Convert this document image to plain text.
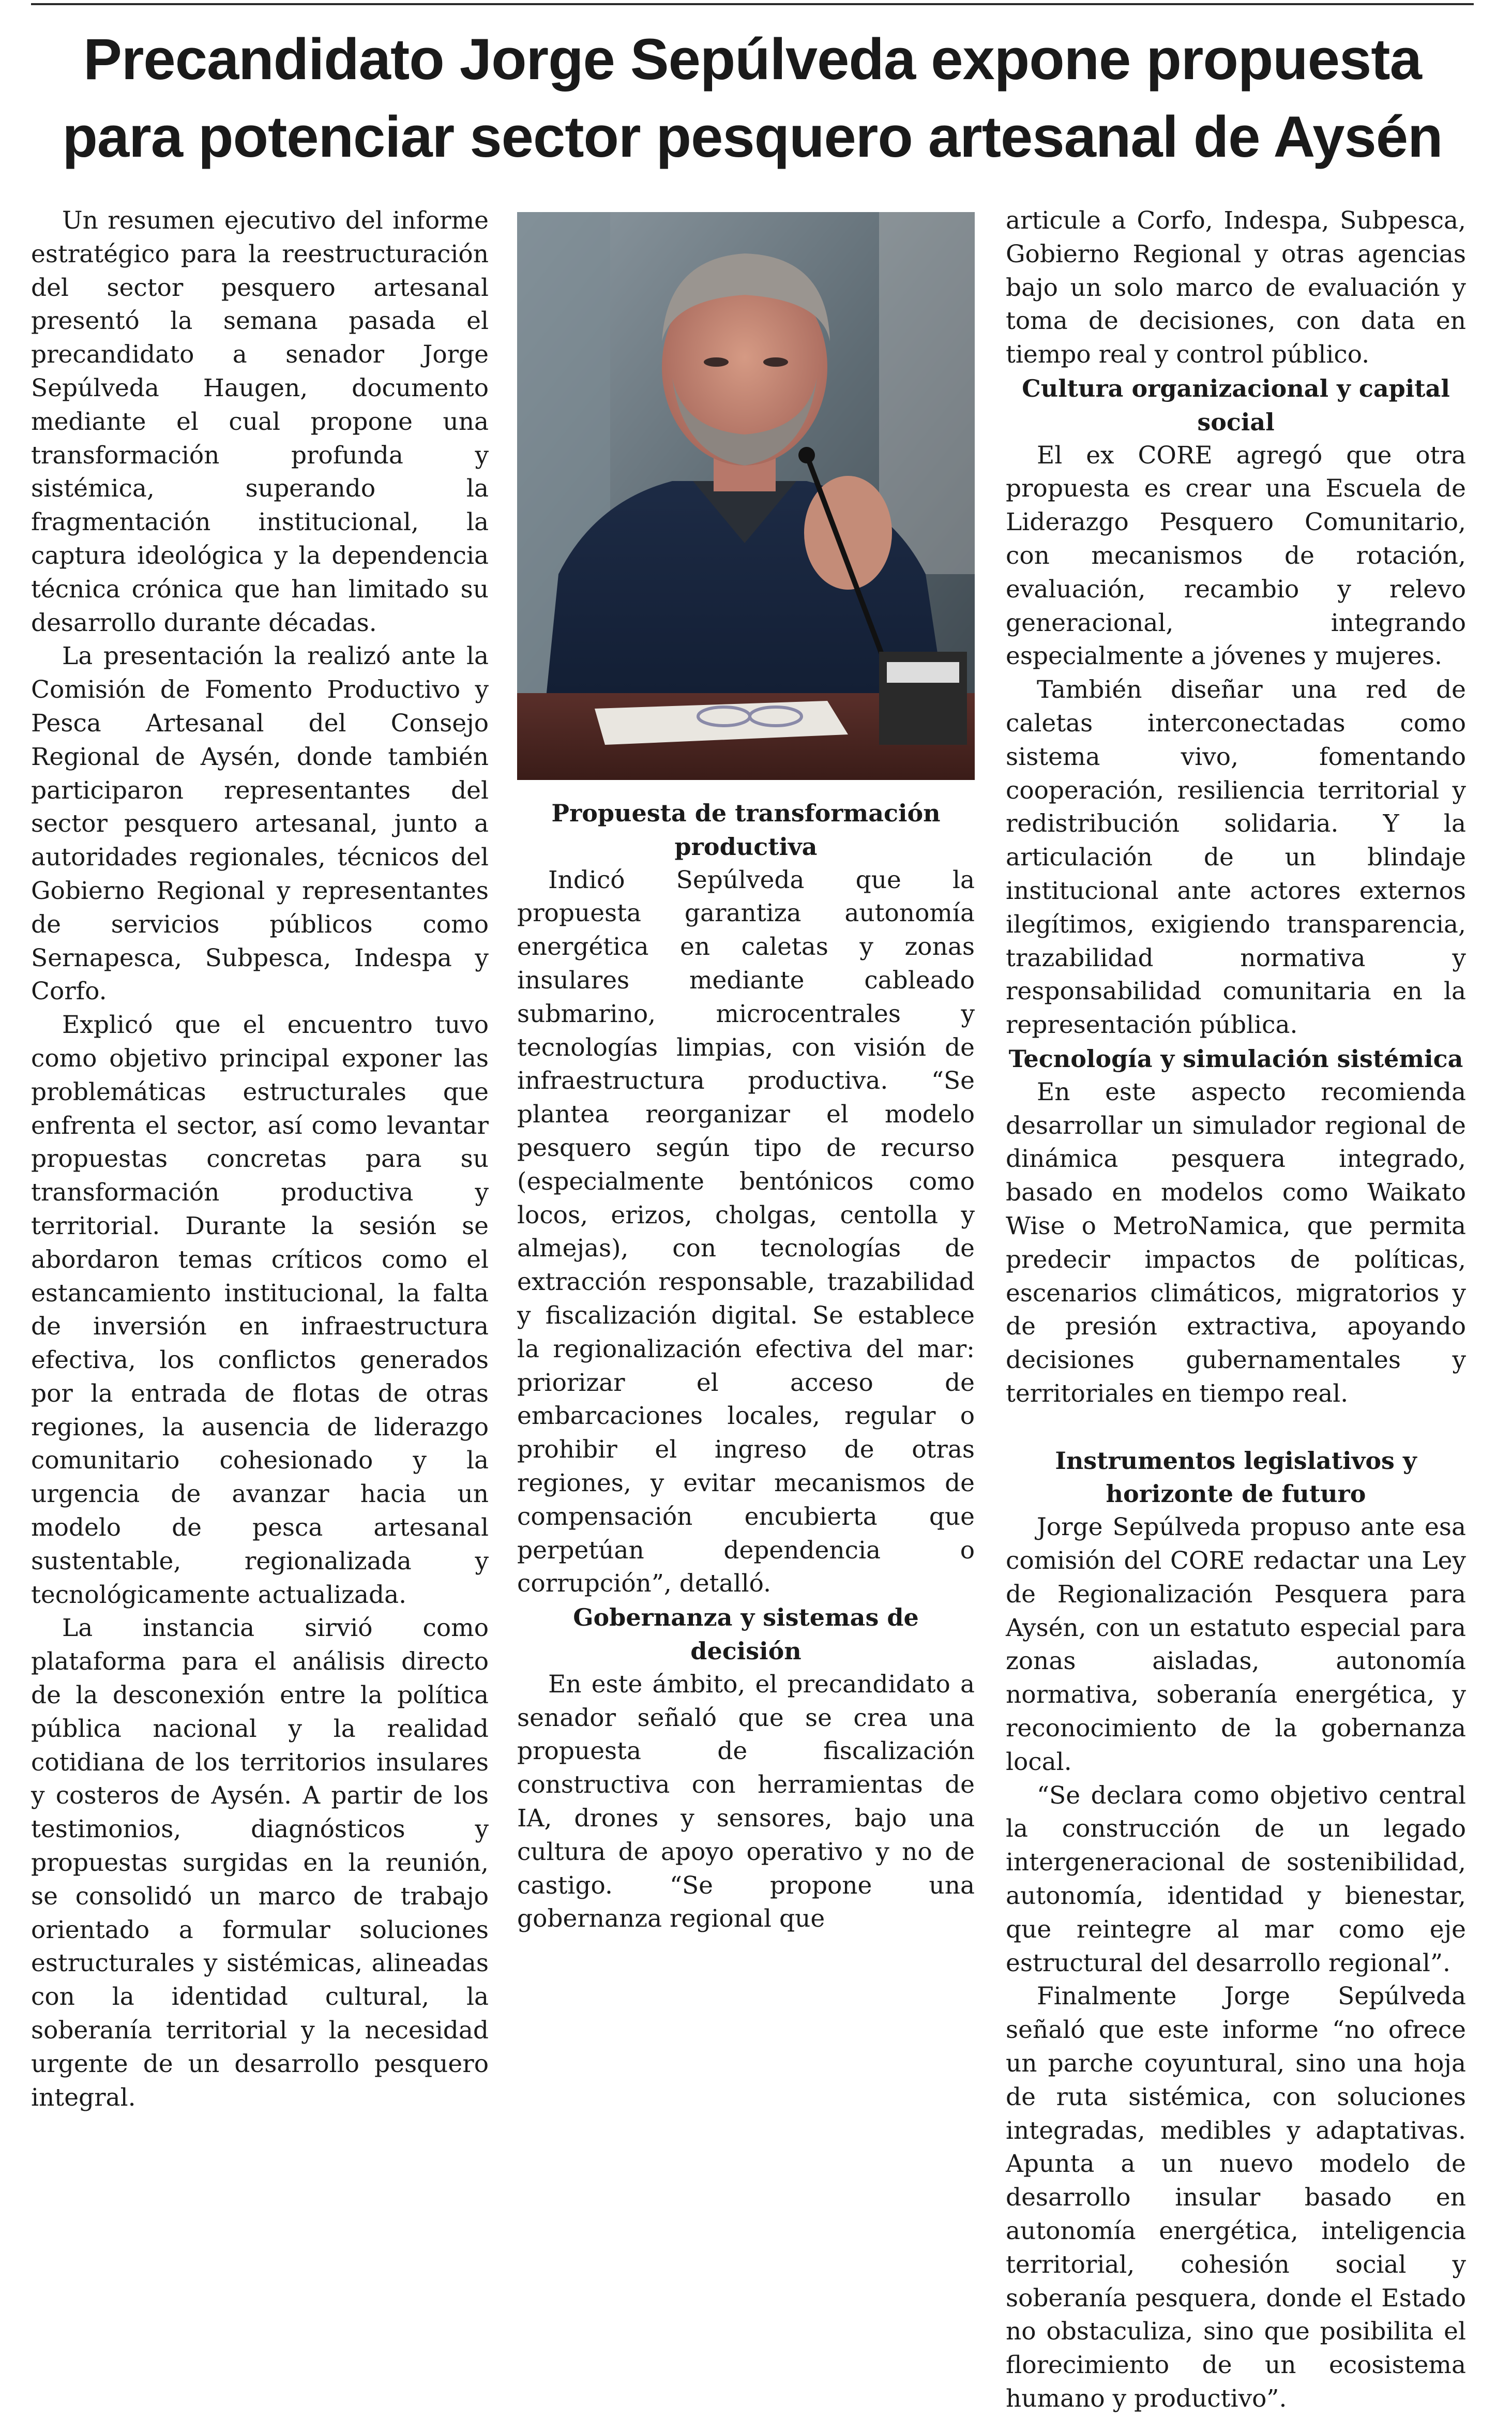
Precandidato Jorge Sepúlveda expone propuesta
para potenciar sector pesquero artesanal de Aysén

Un resumen ejecutivo del informe estratégico para la reestructuración del sector pesquero artesanal presentó la semana pasada el precandidato a senador Jorge Sepúlveda Haugen, documento mediante el cual propone una transformación profunda y sistémica, superando la fragmentación institucional, la captura ideológica y la dependencia técnica crónica que han limitado su desarrollo durante décadas.

La presentación la realizó ante la Comisión de Fomento Productivo y Pesca Artesanal del Consejo Regional de Aysén, donde también participaron representantes del sector pesquero artesanal, junto a autoridades regionales, técnicos del Gobierno Regional y representantes de servicios públicos como Sernapesca, Subpesca, Indespa y Corfo.

Explicó que el encuentro tuvo como objetivo principal exponer las problemáticas estructurales que enfrenta el sector, así como levantar propuestas concretas para su transformación productiva y territorial. Durante la sesión se abordaron temas críticos como el estancamiento institucional, la falta de inversión en infraestructura efectiva, los conflictos generados por la entrada de flotas de otras regiones, la ausencia de liderazgo comunitario cohesionado y la urgencia de avanzar hacia un modelo de pesca artesanal sustentable, regionalizada y tecnológicamente actualizada.

La instancia sirvió como plataforma para el análisis directo de la desconexión entre la política pública nacional y la realidad cotidiana de los territorios insulares y costeros de Aysén. A partir de los testimonios, diagnósticos y propuestas surgidas en la reunión, se consolidó un marco de trabajo orientado a formular soluciones estructurales y sistémicas, alineadas con la identidad cultural, la soberanía territorial y la necesidad urgente de un desarrollo pesquero integral.

Propuesta de transformación productiva

Indicó Sepúlveda que la propuesta garantiza autonomía energética en caletas y zonas insulares mediante cableado submarino, microcentrales y tecnologías limpias, con visión de infraestructura productiva. “Se plantea reorganizar el modelo pesquero según tipo de recurso (especialmente bentónicos como locos, erizos, cholgas, centolla y almejas), con tecnologías de extracción responsable, trazabilidad y fiscalización digital. Se establece la regionalización efectiva del mar: priorizar el acceso de embarcaciones locales, regular o prohibir el ingreso de otras regiones, y evitar mecanismos de compensación encubierta que perpetúan dependencia o corrupción”, detalló.

Gobernanza y sistemas de decisión

En este ámbito, el precandidato a senador señaló que se crea una propuesta de fiscalización constructiva con herramientas de IA, drones y sensores, bajo una cultura de apoyo operativo y no de castigo. “Se propone una gobernanza regional que

articule a Corfo, Indespa, Subpesca, Gobierno Regional y otras agencias bajo un solo marco de evaluación y toma de decisiones, con data en tiempo real y control público.

Cultura organizacional y capital social

El ex CORE agregó que otra propuesta es crear una Escuela de Liderazgo Pesquero Comunitario, con mecanismos de rotación, evaluación, recambio y relevo generacional, integrando especialmente a jóvenes y mujeres.

También diseñar una red de caletas interconectadas como sistema vivo, fomentando cooperación, resiliencia territorial y redistribución solidaria. Y la articulación de un blindaje institucional ante actores externos ilegítimos, exigiendo transparencia, trazabilidad normativa y responsabilidad comunitaria en la representación pública.

Tecnología y simulación sistémica

En este aspecto recomienda desarrollar un simulador regional de dinámica pesquera integrado, basado en modelos como Waikato Wise o MetroNamica, que permita predecir impactos de políticas, escenarios climáticos, migratorios y de presión extractiva, apoyando decisiones gubernamentales y territoriales en tiempo real.

Instrumentos legislativos y horizonte de futuro

Jorge Sepúlveda propuso ante esa comisión del CORE redactar una Ley de Regionalización Pesquera para Aysén, con un estatuto especial para zonas aisladas, autonomía normativa, soberanía energética, y reconocimiento de la gobernanza local.

“Se declara como objetivo central la construcción de un legado intergeneracional de sostenibilidad, autonomía, identidad y bienestar, que reintegre al mar como eje estructural del desarrollo regional”.

Finalmente Jorge Sepúlveda señaló que este informe “no ofrece un parche coyuntural, sino una hoja de ruta sistémica, con soluciones integradas, medibles y adaptativas. Apunta a un nuevo modelo de desarrollo insular basado en autonomía energética, inteligencia territorial, cohesión social y soberanía pesquera, donde el Estado no obstaculiza, sino que posibilita el florecimiento de un ecosistema humano y productivo”.
